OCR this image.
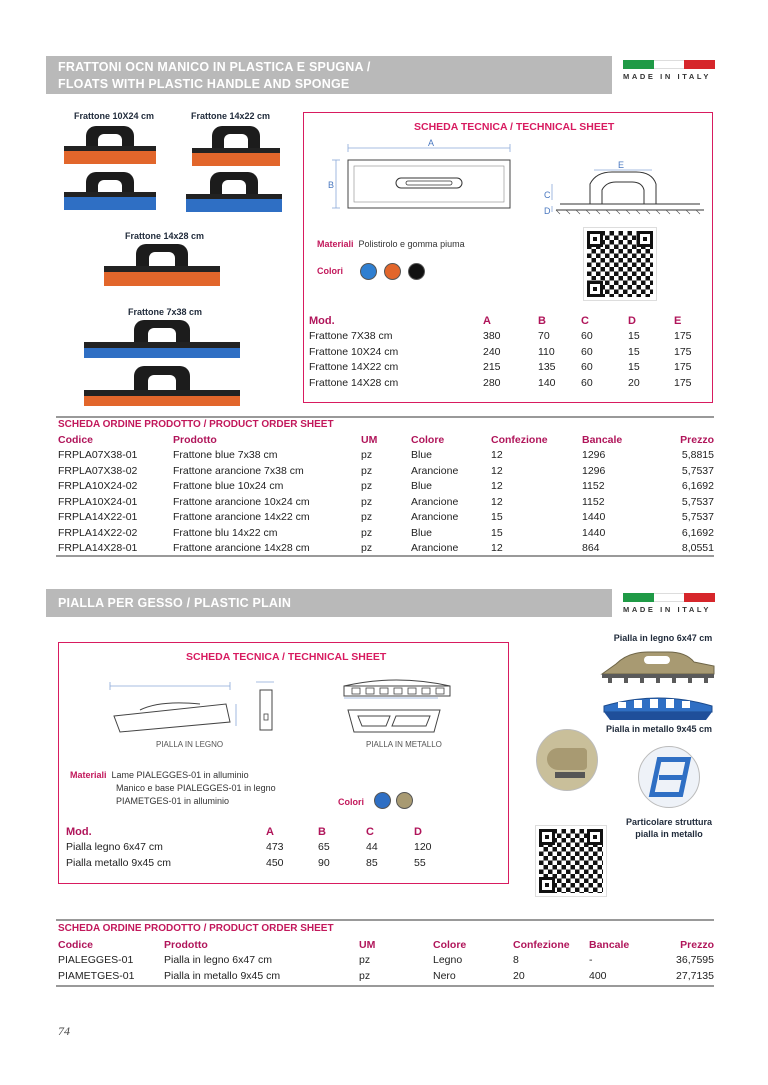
FRATTONI OCN MANICO IN PLASTICA E SPUGNA /
FLOATS WITH PLASTIC HANDLE AND SPONGE
MADE IN ITALY
Frattone 10X24 cm	Frattone 14x22 cm
Frattone 14x28 cm
Frattone 7x38 cm
SCHEDA TECNICA / TECHNICAL SHEET
A
B
C
D
E
Materiali Polistirolo e gomma piuma
Colori
Mod.	A	B	C	D	E
Frattone 7X38 cm	380	70	60	15	175
Frattone 10X24 cm	240	110	60	15	175
Frattone 14X22 cm	215	135	60	15	175
Frattone 14X28 cm	280	140	60	20	175
SCHEDA ORDINE PRODOTTO / PRODUCT ORDER SHEET
Codice	Prodotto	UM	Colore	Confezione	Bancale	Prezzo
FRPLA07X38-01	Frattone blue 7x38 cm	pz	Blue	12	1296	5,8815
FRPLA07X38-02	Frattone arancione 7x38 cm	pz	Arancione	12	1296	5,7537
FRPLA10X24-02	Frattone blue 10x24 cm	pz	Blue	12	1152	6,1692
FRPLA10X24-01	Frattone arancione 10x24 cm	pz	Arancione	12	1152	5,7537
FRPLA14X22-01	Frattone arancione 14x22 cm	pz	Arancione	15	1440	5,7537
FRPLA14X22-02	Frattone blu 14x22 cm	pz	Blue	15	1440	6,1692
FRPLA14X28-01	Frattone arancione 14x28 cm	pz	Arancione	12	864	8,0551
PIALLA PER GESSO / PLASTIC PLAIN	MADE IN ITALY
SCHEDA TECNICA / TECHNICAL SHEET
PIALLA IN LEGNO	PIALLA IN METALLO
Materiali Lame PIALEGGES-01 in alluminio
Manico e base PIALEGGES-01 in legno
PIAMETGES-01 in alluminio	Colori
Mod.	A	B	C	D
Pialla legno 6x47 cm	473	65	44	120
Pialla metallo 9x45 cm	450	90	85	55
Pialla in legno 6x47 cm
Pialla in metallo 9x45 cm
Particolare struttura pialla in metallo
SCHEDA ORDINE PRODOTTO / PRODUCT ORDER SHEET
Codice	Prodotto	UM	Colore	Confezione	Bancale	Prezzo
PIALEGGES-01	Pialla in legno 6x47 cm	pz	Legno	8	-	36,7595
PIAMETGES-01	Pialla in metallo 9x45 cm	pz	Nero	20	400	27,7135
74
